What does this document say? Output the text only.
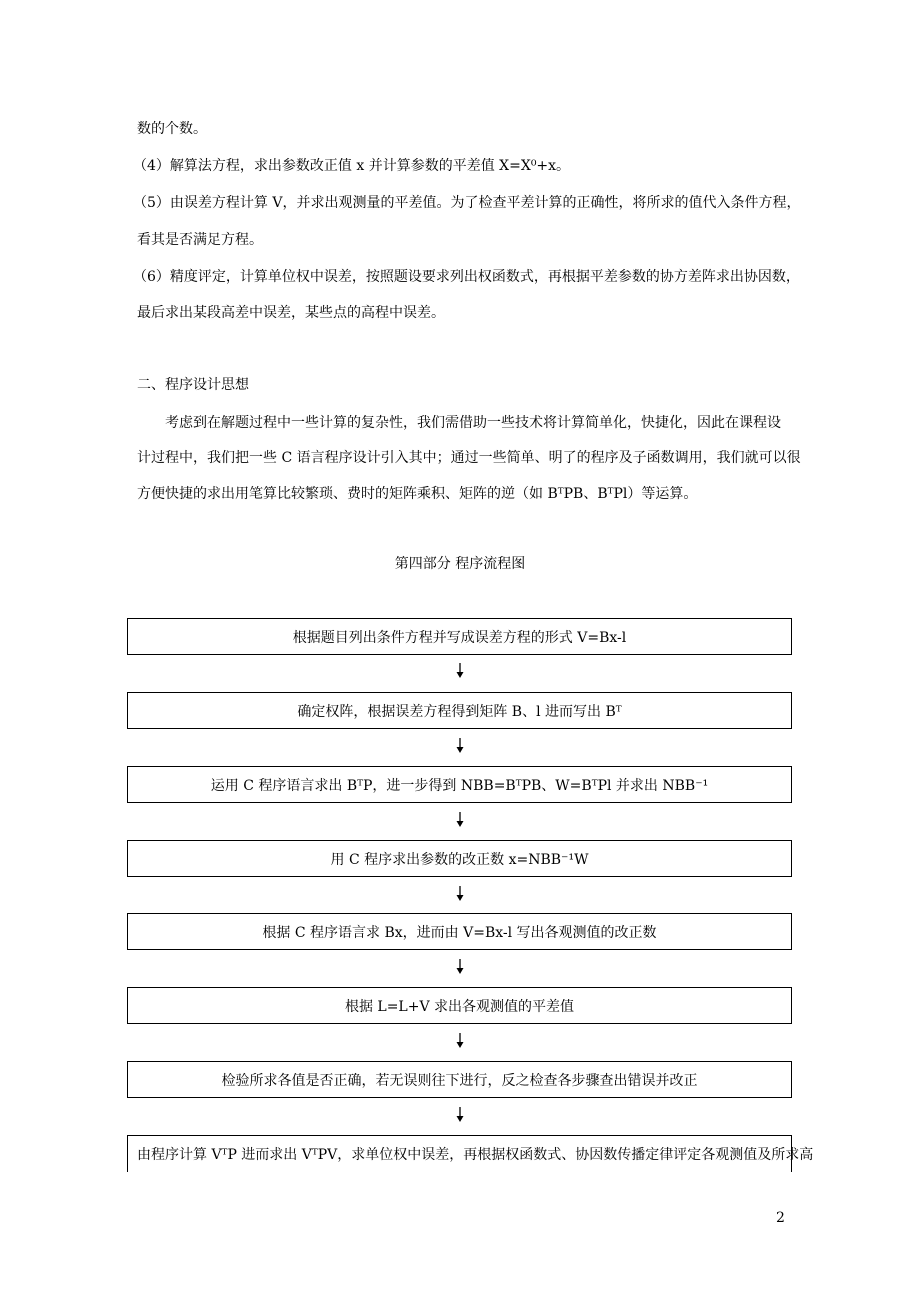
数的个数。
（4）解算法方程，求出参数改正值 x 并计算参数的平差值 X=X⁰+x。
（5）由误差方程计算 V，并求出观测量的平差值。为了检查平差计算的正确性，将所求的值代入条件方程，
看其是否满足方程。
（6）精度评定，计算单位权中误差，按照题设要求列出权函数式，再根据平差参数的协方差阵求出协因数，
最后求出某段高差中误差，某些点的高程中误差。
二、程序设计思想
考虑到在解题过程中一些计算的复杂性，我们需借助一些技术将计算简单化，快捷化，因此在课程设
计过程中，我们把一些 C 语言程序设计引入其中；通过一些简单、明了的程序及子函数调用，我们就可以很
方便快捷的求出用笔算比较繁琐、费时的矩阵乘积、矩阵的逆（如 BᵀPB、BᵀPl）等运算。
第四部分 程序流程图
根据题目列出条件方程并写成误差方程的形式 V=Bx-l
确定权阵，根据误差方程得到矩阵 B、l 进而写出 Bᵀ
运用 C 程序语言求出 BᵀP，进一步得到 NBB=BᵀPB、W=BᵀPl 并求出 NBB⁻¹
用 C 程序求出参数的改正数 x=NBB⁻¹W
根据 C 程序语言求 Bx，进而由 V=Bx-l 写出各观测值的改正数
根据 L=L+V 求出各观测值的平差值
检验所求各值是否正确，若无误则往下进行，反之检查各步骤查出错误并改正
由程序计算 VᵀP 进而求出 VᵀPV，求单位权中误差，再根据权函数式、协因数传播定律评定各观测值及所求高
2
